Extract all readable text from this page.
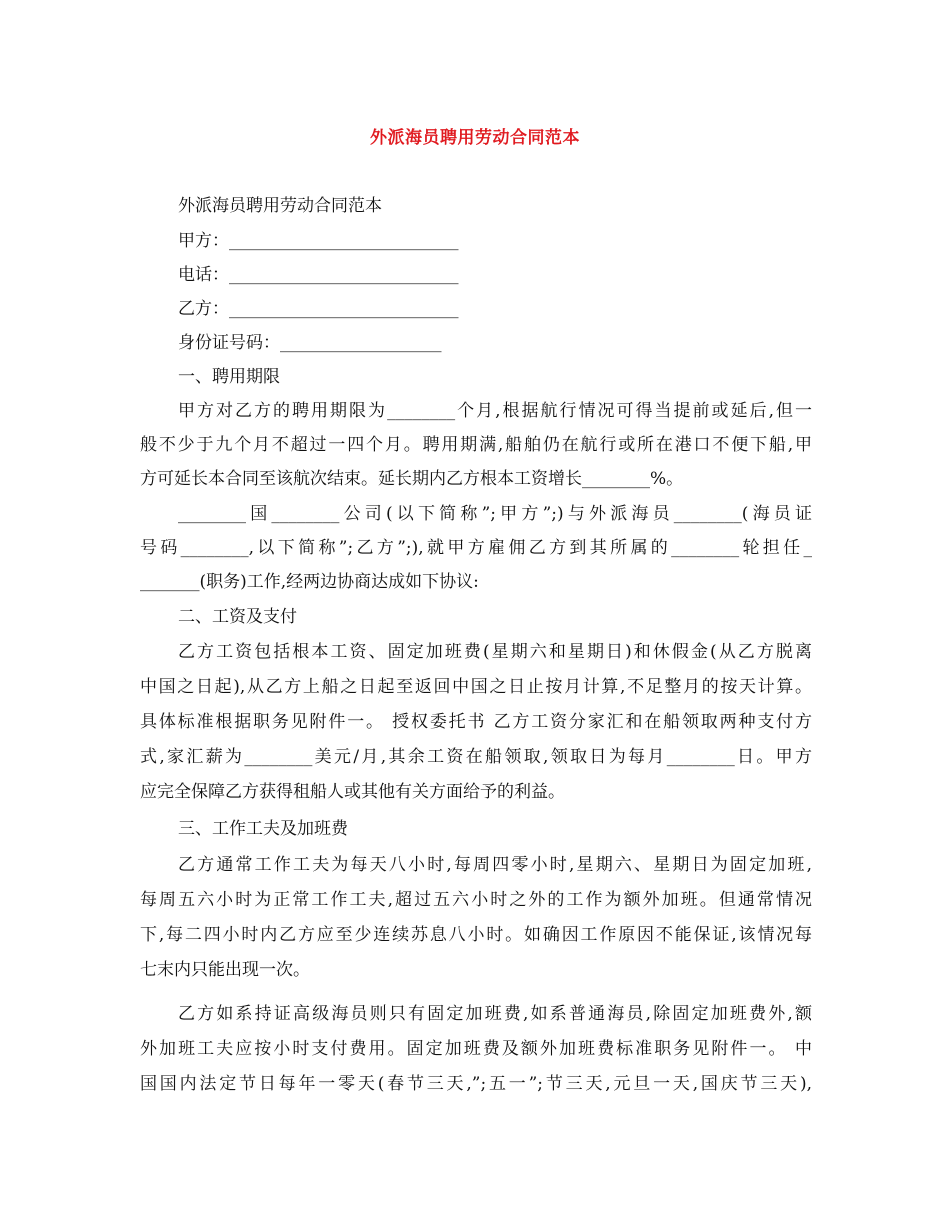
外派海员聘用劳动合同范本
外派海员聘用劳动合同范本
甲方：___________________________
电话：___________________________
乙方：___________________________
身份证号码：___________________
一、聘用期限
甲方对乙方的聘用期限为________个月,根据航行情况可得当提前或延后,但一
般不少于九个月不超过一四个月。聘用期满,船舶仍在航行或所在港口不便下船,甲
方可延长本合同至该航次结束。延长期内乙方根本工资增长________%。
________国________公司(以下简称”;甲方”;)与外派海员________(海员证
号码________,以下简称”;乙方”;),就甲方雇佣乙方到其所属的________轮担任_
_______(职务)工作,经两边协商达成如下协议:
二、工资及支付
乙方工资包括根本工资、固定加班费(星期六和星期日)和休假金(从乙方脱离
中国之日起),从乙方上船之日起至返回中国之日止按月计算,不足整月的按天计算。
具体标准根据职务见附件一。 授权委托书 乙方工资分家汇和在船领取两种支付方
式,家汇薪为________美元/月,其余工资在船领取,领取日为每月________日。甲方
应完全保障乙方获得租船人或其他有关方面给予的利益。
三、工作工夫及加班费
乙方通常工作工夫为每天八小时,每周四零小时,星期六、星期日为固定加班,
每周五六小时为正常工作工夫,超过五六小时之外的工作为额外加班。但通常情况
下,每二四小时内乙方应至少连续苏息八小时。如确因工作原因不能保证,该情况每
七末内只能出现一次。
乙方如系持证高级海员则只有固定加班费,如系普通海员,除固定加班费外,额
外加班工夫应按小时支付费用。固定加班费及额外加班费标准职务见附件一。 中
国国内法定节日每年一零天(春节三天,”;五一”;节三天,元旦一天,国庆节三天),
